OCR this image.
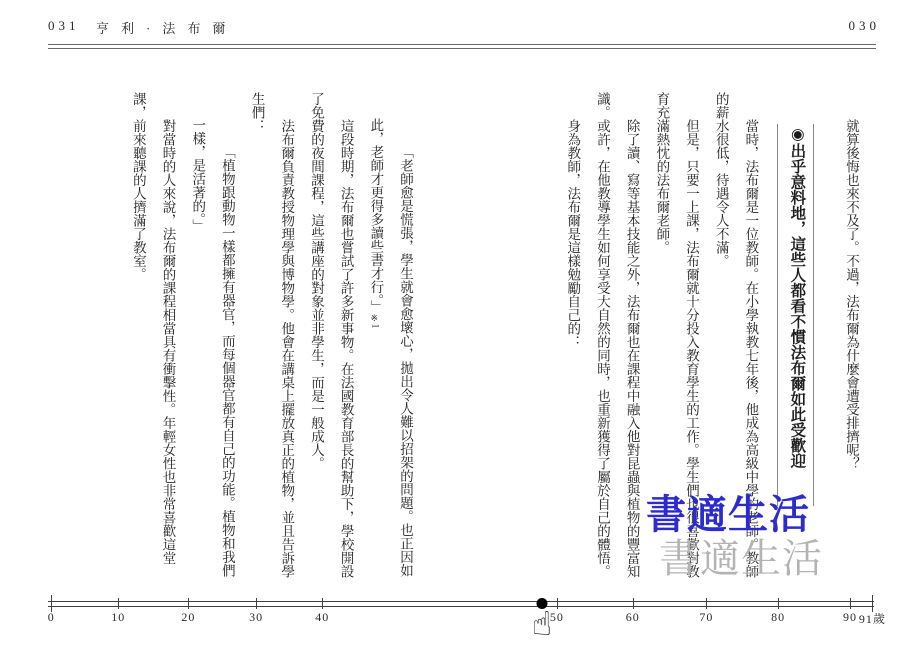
031 亨利·法布爾	030

就算後悔也來不及了。不過，法布爾為什麼會遭受排擠呢？

◉出乎意料地，這些人都看不慣法布爾如此受歡迎

當時，法布爾是一位教師。在小學執教七年後，他成為高級中學的老師。教師的薪水很低，待遇令人不滿。

但是，只要一上課，法布爾就十分投入教育學生的工作。學生們也很喜歡對教育充滿熱忱的法布爾老師。

除了讀、寫等基本技能之外，法布爾也在課程中融入他對昆蟲與植物的豐富知識。或許，在他教導學生如何享受大自然的同時，也重新獲得了屬於自己的體悟。

身為教師，法布爾是這樣勉勵自己的：

「老師愈是慌張，學生就會愈壞心，拋出令人難以招架的問題。也正因如此，老師才更得多讀些書才行。」※1

這段時期，法布爾也嘗試了許多新事物。在法國教育部長的幫助下，學校開設了免費的夜間課程，這些講座的對象並非學生，而是一般成人。

法布爾負責教授物理學與博物學。他會在講桌上擺放真正的植物，並且告訴學生們：

「植物跟動物一樣都擁有器官，而每個器官都有自己的功能。植物和我們一樣，是活著的。」

對當時的人來說，法布爾的課程相當具有衝擊性。年輕女性也非常喜歡這堂課，前來聽課的人擠滿了教室。

書適生活
書適生活
☝
0	10	20	30	40	50	60	70	80	90 91歲
